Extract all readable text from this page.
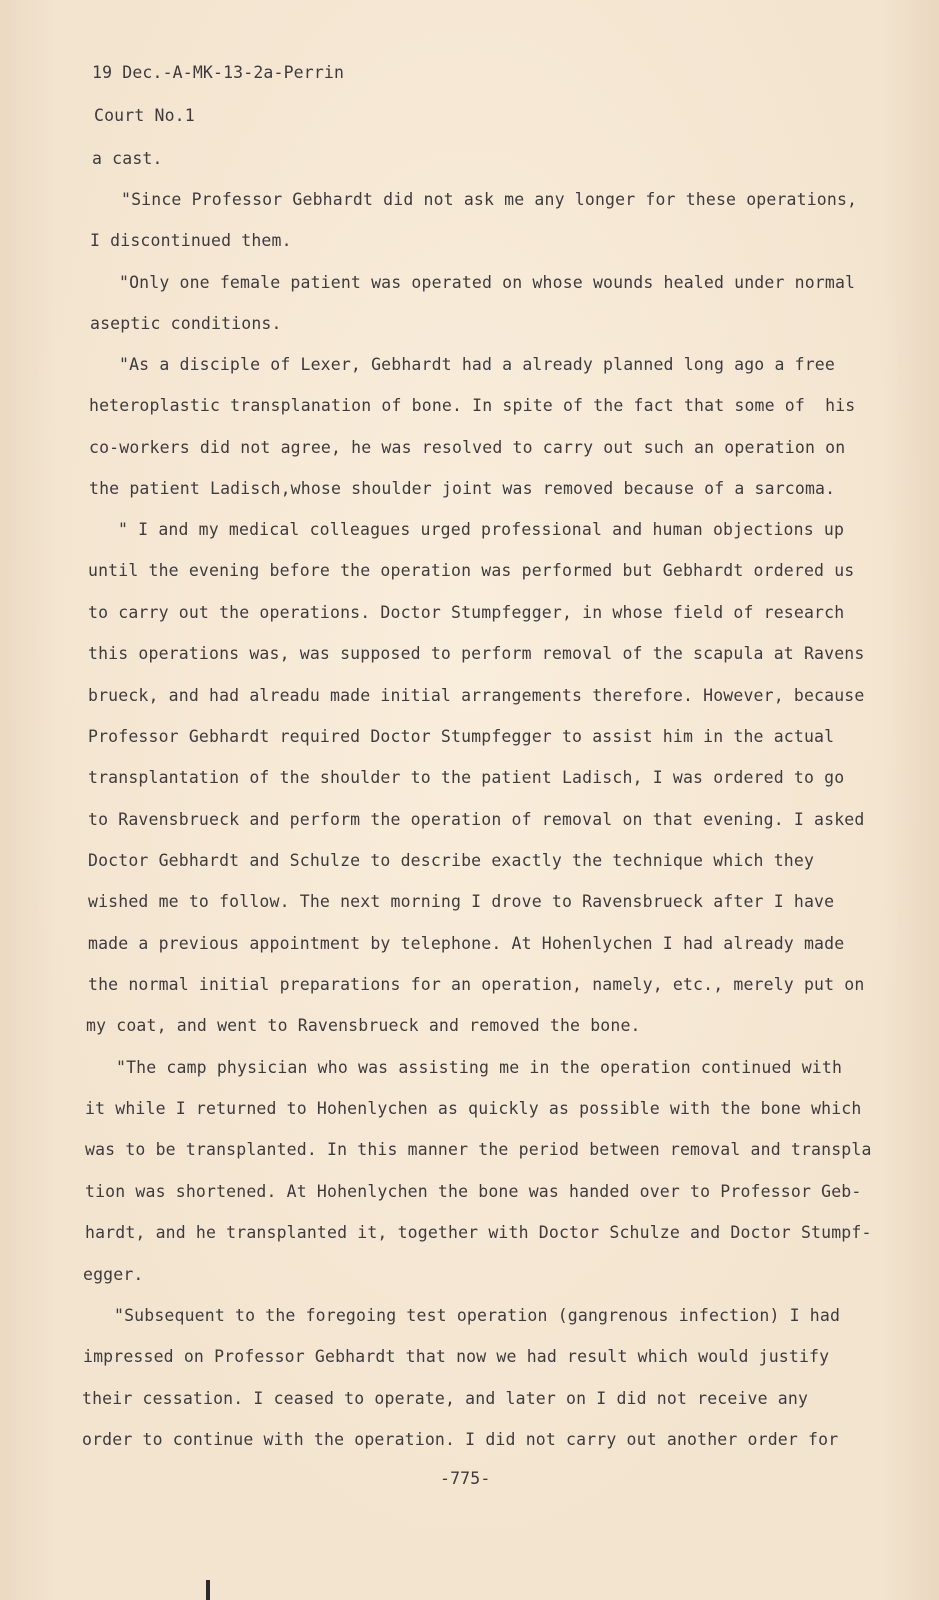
19 Dec.-A-MK-13-2a-Perrin
Court No.1
a cast.
"Since Professor Gebhardt did not ask me any longer for these operations,
I discontinued them.
"Only one female patient was operated on whose wounds healed under normal
aseptic conditions.
"As a disciple of Lexer, Gebhardt had a already planned long ago a free
heteroplastic transplanation of bone. In spite of the fact that some of  his
co-workers did not agree, he was resolved to carry out such an operation on
the patient Ladisch,whose shoulder joint was removed because of a sarcoma.
" I and my medical colleagues urged professional and human objections up
until the evening before the operation was performed but Gebhardt ordered us
to carry out the operations. Doctor Stumpfegger, in whose field of research
this operations was, was supposed to perform removal of the scapula at Ravens
brueck, and had alreadu made initial arrangements therefore. However, because
Professor Gebhardt required Doctor Stumpfegger to assist him in the actual
transplantation of the shoulder to the patient Ladisch, I was ordered to go
to Ravensbrueck and perform the operation of removal on that evening. I asked
Doctor Gebhardt and Schulze to describe exactly the technique which they
wished me to follow. The next morning I drove to Ravensbrueck after I have
made a previous appointment by telephone. At Hohenlychen I had already made
the normal initial preparations for an operation, namely, etc., merely put on
my coat, and went to Ravensbrueck and removed the bone.
"The camp physician who was assisting me in the operation continued with
it while I returned to Hohenlychen as quickly as possible with the bone which
was to be transplanted. In this manner the period between removal and transpla
tion was shortened. At Hohenlychen the bone was handed over to Professor Geb-
hardt, and he transplanted it, together with Doctor Schulze and Doctor Stumpf-
egger.
"Subsequent to the foregoing test operation (gangrenous infection) I had
impressed on Professor Gebhardt that now we had result which would justify
their cessation. I ceased to operate, and later on I did not receive any
order to continue with the operation. I did not carry out another order for
-775-
